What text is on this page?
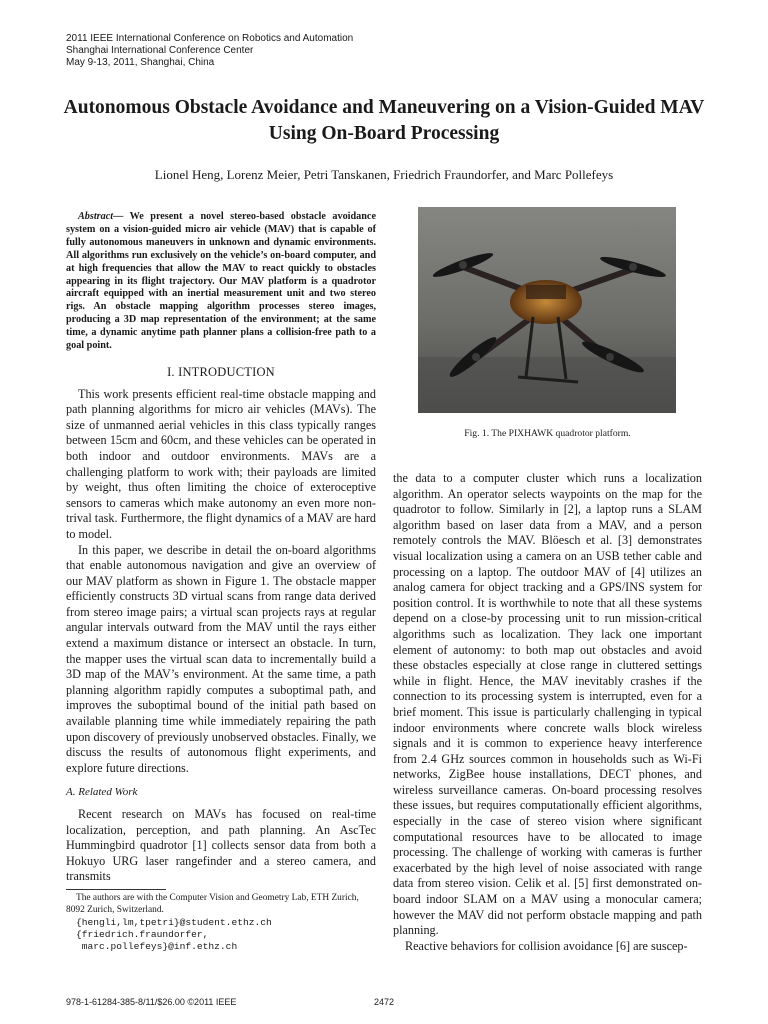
2011 IEEE International Conference on Robotics and Automation
Shanghai International Conference Center
May 9-13, 2011, Shanghai, China
Autonomous Obstacle Avoidance and Maneuvering on a Vision-Guided MAV Using On-Board Processing
Lionel Heng, Lorenz Meier, Petri Tanskanen, Friedrich Fraundorfer, and Marc Pollefeys

Abstract— We present a novel stereo-based obstacle avoidance system on a vision-guided micro air vehicle (MAV) that is capable of fully autonomous maneuvers in unknown and dynamic environments. All algorithms run exclusively on the vehicle’s on-board computer, and at high frequencies that allow the MAV to react quickly to obstacles appearing in its flight trajectory. Our MAV platform is a quadrotor aircraft equipped with an inertial measurement unit and two stereo rigs. An obstacle mapping algorithm processes stereo images, producing a 3D map representation of the environment; at the same time, a dynamic anytime path planner plans a collision-free path to a goal point.

I. INTRODUCTION

This work presents efficient real-time obstacle mapping and path planning algorithms for micro air vehicles (MAVs). The size of unmanned aerial vehicles in this class typically ranges between 15cm and 60cm, and these vehicles can be operated in both indoor and outdoor environments. MAVs are a challenging platform to work with; their payloads are limited by weight, thus often limiting the choice of exteroceptive sensors to cameras which make autonomy an even more non-trival task. Furthermore, the flight dynamics of a MAV are hard to model.

In this paper, we describe in detail the on-board algorithms that enable autonomous navigation and give an overview of our MAV platform as shown in Figure 1. The obstacle mapper efficiently constructs 3D virtual scans from range data derived from stereo image pairs; a virtual scan projects rays at regular angular intervals outward from the MAV until the rays either extend a maximum distance or intersect an obstacle. In turn, the mapper uses the virtual scan data to incrementally build a 3D map of the MAV’s environment. At the same time, a path planning algorithm rapidly computes a suboptimal path, and improves the suboptimal bound of the initial path based on available planning time while immediately repairing the path upon discovery of previously unobserved obstacles. Finally, we discuss the results of autonomous flight experiments, and explore future directions.

A. Related Work

Recent research on MAVs has focused on real-time localization, perception, and path planning. An AscTec Hummingbird quadrotor [1] collects sensor data from both a Hokuyo URG laser rangefinder and a stereo camera, and transmits

The authors are with the Computer Vision and Geometry Lab, ETH Zurich, 8092 Zurich, Switzerland.
{hengli,lm,tpetri}@student.ethz.ch
{friedrich.fraundorfer,
marc.pollefeys}@inf.ethz.ch
Fig. 1. The PIXHAWK quadrotor platform.

the data to a computer cluster which runs a localization algorithm. An operator selects waypoints on the map for the quadrotor to follow. Similarly in [2], a laptop runs a SLAM algorithm based on laser data from a MAV, and a person remotely controls the MAV. Blöesch et al. [3] demonstrates visual localization using a camera on an USB tether cable and processing on a laptop. The outdoor MAV of [4] utilizes an analog camera for object tracking and a GPS/INS system for position control. It is worthwhile to note that all these systems depend on a close-by processing unit to run mission-critical algorithms such as localization. They lack one important element of autonomy: to both map out obstacles and avoid these obstacles especially at close range in cluttered settings while in flight. Hence, the MAV inevitably crashes if the connection to its processing system is interrupted, even for a brief moment. This issue is particularly challenging in typical indoor environments where concrete walls block wireless signals and it is common to experience heavy interference from 2.4 GHz sources common in households such as Wi-Fi networks, ZigBee house installations, DECT phones, and wireless surveillance cameras. On-board processing resolves these issues, but requires computationally efficient algorithms, especially in the case of stereo vision where significant computational resources have to be allocated to image processing. The challenge of working with cameras is further exacerbated by the high level of noise associated with range data from stereo vision. Celik et al. [5] first demonstrated on-board indoor SLAM on a MAV using a monocular camera; however the MAV did not perform obstacle mapping and path planning.

Reactive behaviors for collision avoidance [6] are suscep-

978-1-61284-385-8/11/$26.00 ©2011 IEEE	2472
